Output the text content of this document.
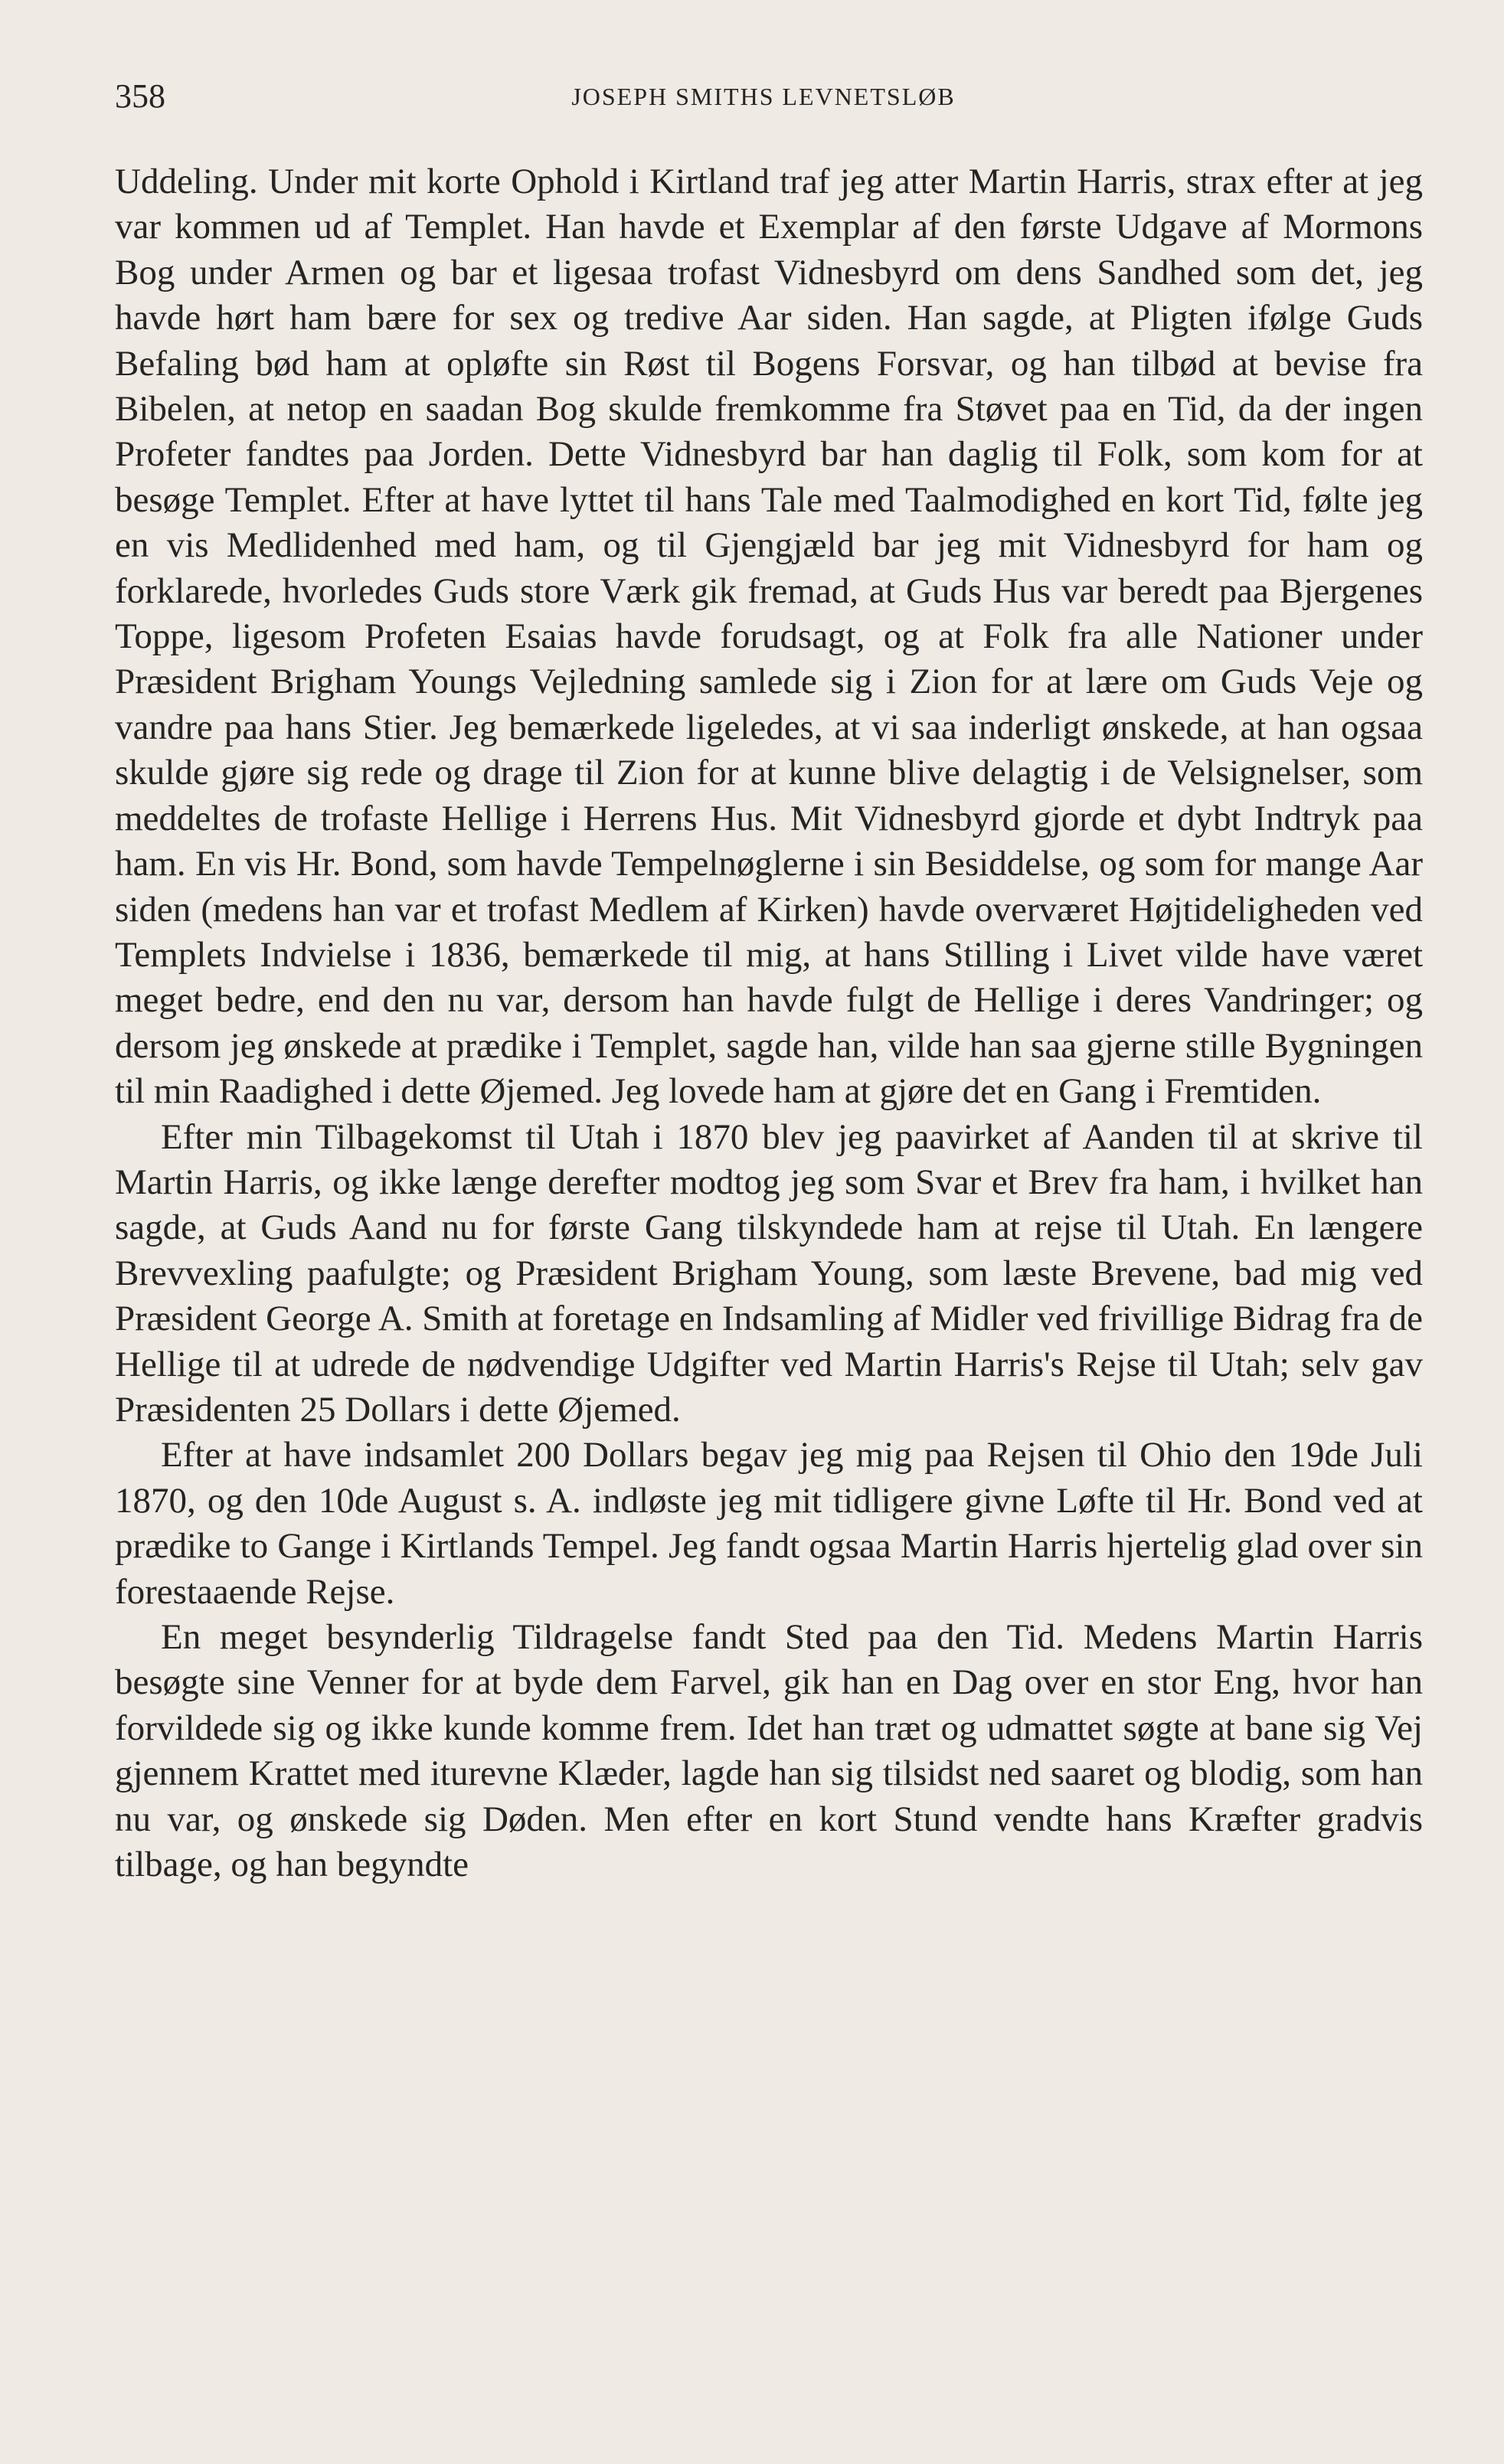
358	JOSEPH SMITHS LEVNETSLØB

Uddeling. Under mit korte Ophold i Kirtland traf jeg atter Martin Harris, strax efter at jeg var kommen ud af Templet. Han havde et Exemplar af den første Udgave af Mormons Bog under Armen og bar et ligesaa trofast Vidnesbyrd om dens Sandhed som det, jeg havde hørt ham bære for sex og tredive Aar siden. Han sagde, at Pligten ifølge Guds Befaling bød ham at opløfte sin Røst til Bogens Forsvar, og han tilbød at bevise fra Bibelen, at netop en saadan Bog skulde fremkomme fra Støvet paa en Tid, da der ingen Profeter fandtes paa Jorden. Dette Vidnesbyrd bar han daglig til Folk, som kom for at besøge Templet. Efter at have lyttet til hans Tale med Taalmodighed en kort Tid, følte jeg en vis Medlidenhed med ham, og til Gjengjæld bar jeg mit Vidnesbyrd for ham og forklarede, hvorledes Guds store Værk gik fremad, at Guds Hus var beredt paa Bjergenes Toppe, ligesom Profeten Esaias havde forudsagt, og at Folk fra alle Nationer under Præsident Brigham Youngs Vejledning samlede sig i Zion for at lære om Guds Veje og vandre paa hans Stier. Jeg bemærkede ligeledes, at vi saa inderligt ønskede, at han ogsaa skulde gjøre sig rede og drage til Zion for at kunne blive delagtig i de Velsignelser, som meddeltes de trofaste Hellige i Herrens Hus. Mit Vidnesbyrd gjorde et dybt Indtryk paa ham. En vis Hr. Bond, som havde Tempelnøglerne i sin Besiddelse, og som for mange Aar siden (medens han var et trofast Medlem af Kirken) havde overværet Højtideligheden ved Templets Indvielse i 1836, bemærkede til mig, at hans Stilling i Livet vilde have været meget bedre, end den nu var, dersom han havde fulgt de Hellige i deres Vandringer; og dersom jeg ønskede at prædike i Templet, sagde han, vilde han saa gjerne stille Bygningen til min Raadighed i dette Øjemed. Jeg lovede ham at gjøre det en Gang i Fremtiden.

Efter min Tilbagekomst til Utah i 1870 blev jeg paavirket af Aanden til at skrive til Martin Harris, og ikke længe derefter modtog jeg som Svar et Brev fra ham, i hvilket han sagde, at Guds Aand nu for første Gang tilskyndede ham at rejse til Utah. En længere Brevvexling paafulgte; og Præsident Brigham Young, som læste Brevene, bad mig ved Præsident George A. Smith at foretage en Indsamling af Midler ved frivillige Bidrag fra de Hellige til at udrede de nødvendige Udgifter ved Martin Harris's Rejse til Utah; selv gav Præsidenten 25 Dollars i dette Øjemed.

Efter at have indsamlet 200 Dollars begav jeg mig paa Rejsen til Ohio den 19de Juli 1870, og den 10de August s. A. indløste jeg mit tidligere givne Løfte til Hr. Bond ved at prædike to Gange i Kirtlands Tempel. Jeg fandt ogsaa Martin Harris hjertelig glad over sin forestaaende Rejse.

En meget besynderlig Tildragelse fandt Sted paa den Tid. Medens Martin Harris besøgte sine Venner for at byde dem Farvel, gik han en Dag over en stor Eng, hvor han forvildede sig og ikke kunde komme frem. Idet han træt og udmattet søgte at bane sig Vej gjennem Krattet med iturevne Klæder, lagde han sig tilsidst ned saaret og blodig, som han nu var, og ønskede sig Døden. Men efter en kort Stund vendte hans Kræfter gradvis tilbage, og han begyndte
